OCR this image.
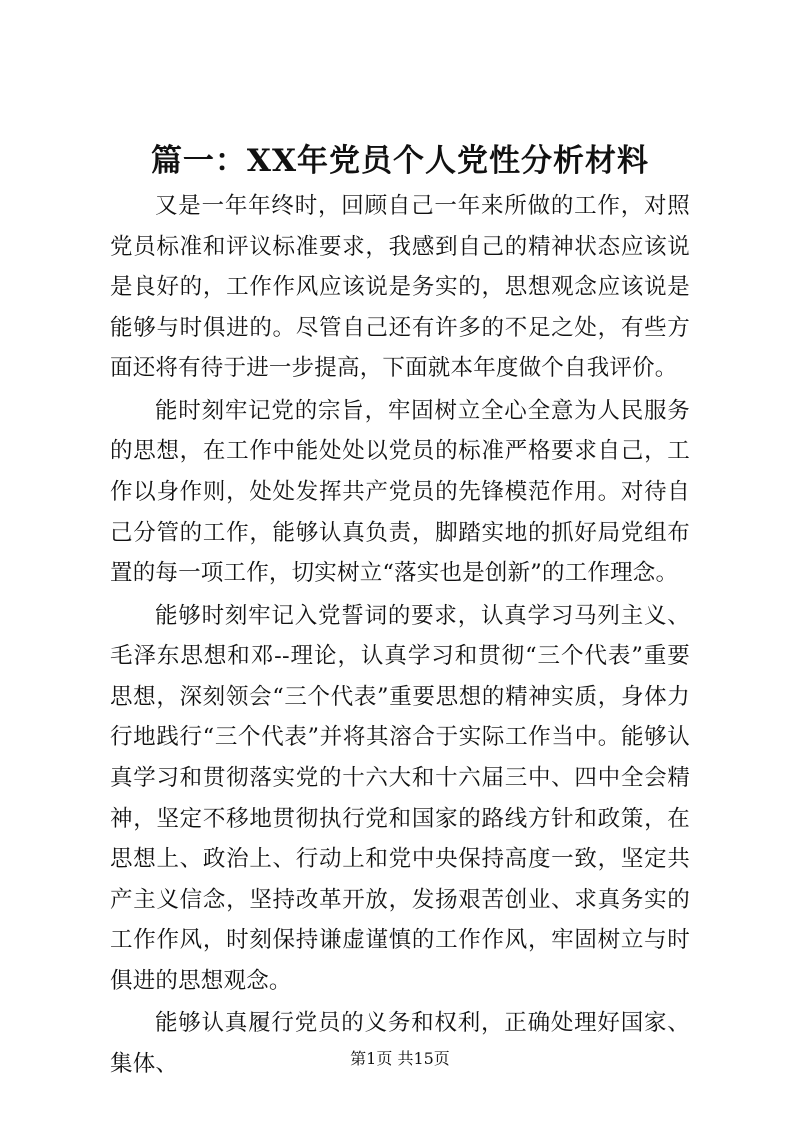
篇一：XX年党员个人党性分析材料

又是一年年终时，回顾自己一年来所做的工作，对照党员标准和评议标准要求，我感到自己的精神状态应该说是良好的，工作作风应该说是务实的，思想观念应该说是能够与时俱进的。尽管自己还有许多的不足之处，有些方面还将有待于进一步提高，下面就本年度做个自我评价。

能时刻牢记党的宗旨，牢固树立全心全意为人民服务的思想，在工作中能处处以党员的标准严格要求自己，工作以身作则，处处发挥共产党员的先锋模范作用。对待自己分管的工作，能够认真负责，脚踏实地的抓好局党组布置的每一项工作，切实树立“落实也是创新”的工作理念。

能够时刻牢记入党誓词的要求，认真学习马列主义、毛泽东思想和邓--理论，认真学习和贯彻“三个代表”重要思想，深刻领会“三个代表”重要思想的精神实质，身体力行地践行“三个代表”并将其溶合于实际工作当中。能够认真学习和贯彻落实党的十六大和十六届三中、四中全会精神，坚定不移地贯彻执行党和国家的路线方针和政策，在思想上、政治上、行动上和党中央保持高度一致，坚定共产主义信念，坚持改革开放，发扬艰苦创业、求真务实的工作作风，时刻保持谦虚谨慎的工作作风，牢固树立与时俱进的思想观念。

能够认真履行党员的义务和权利，正确处理好国家、集体、	第1页 共15页
